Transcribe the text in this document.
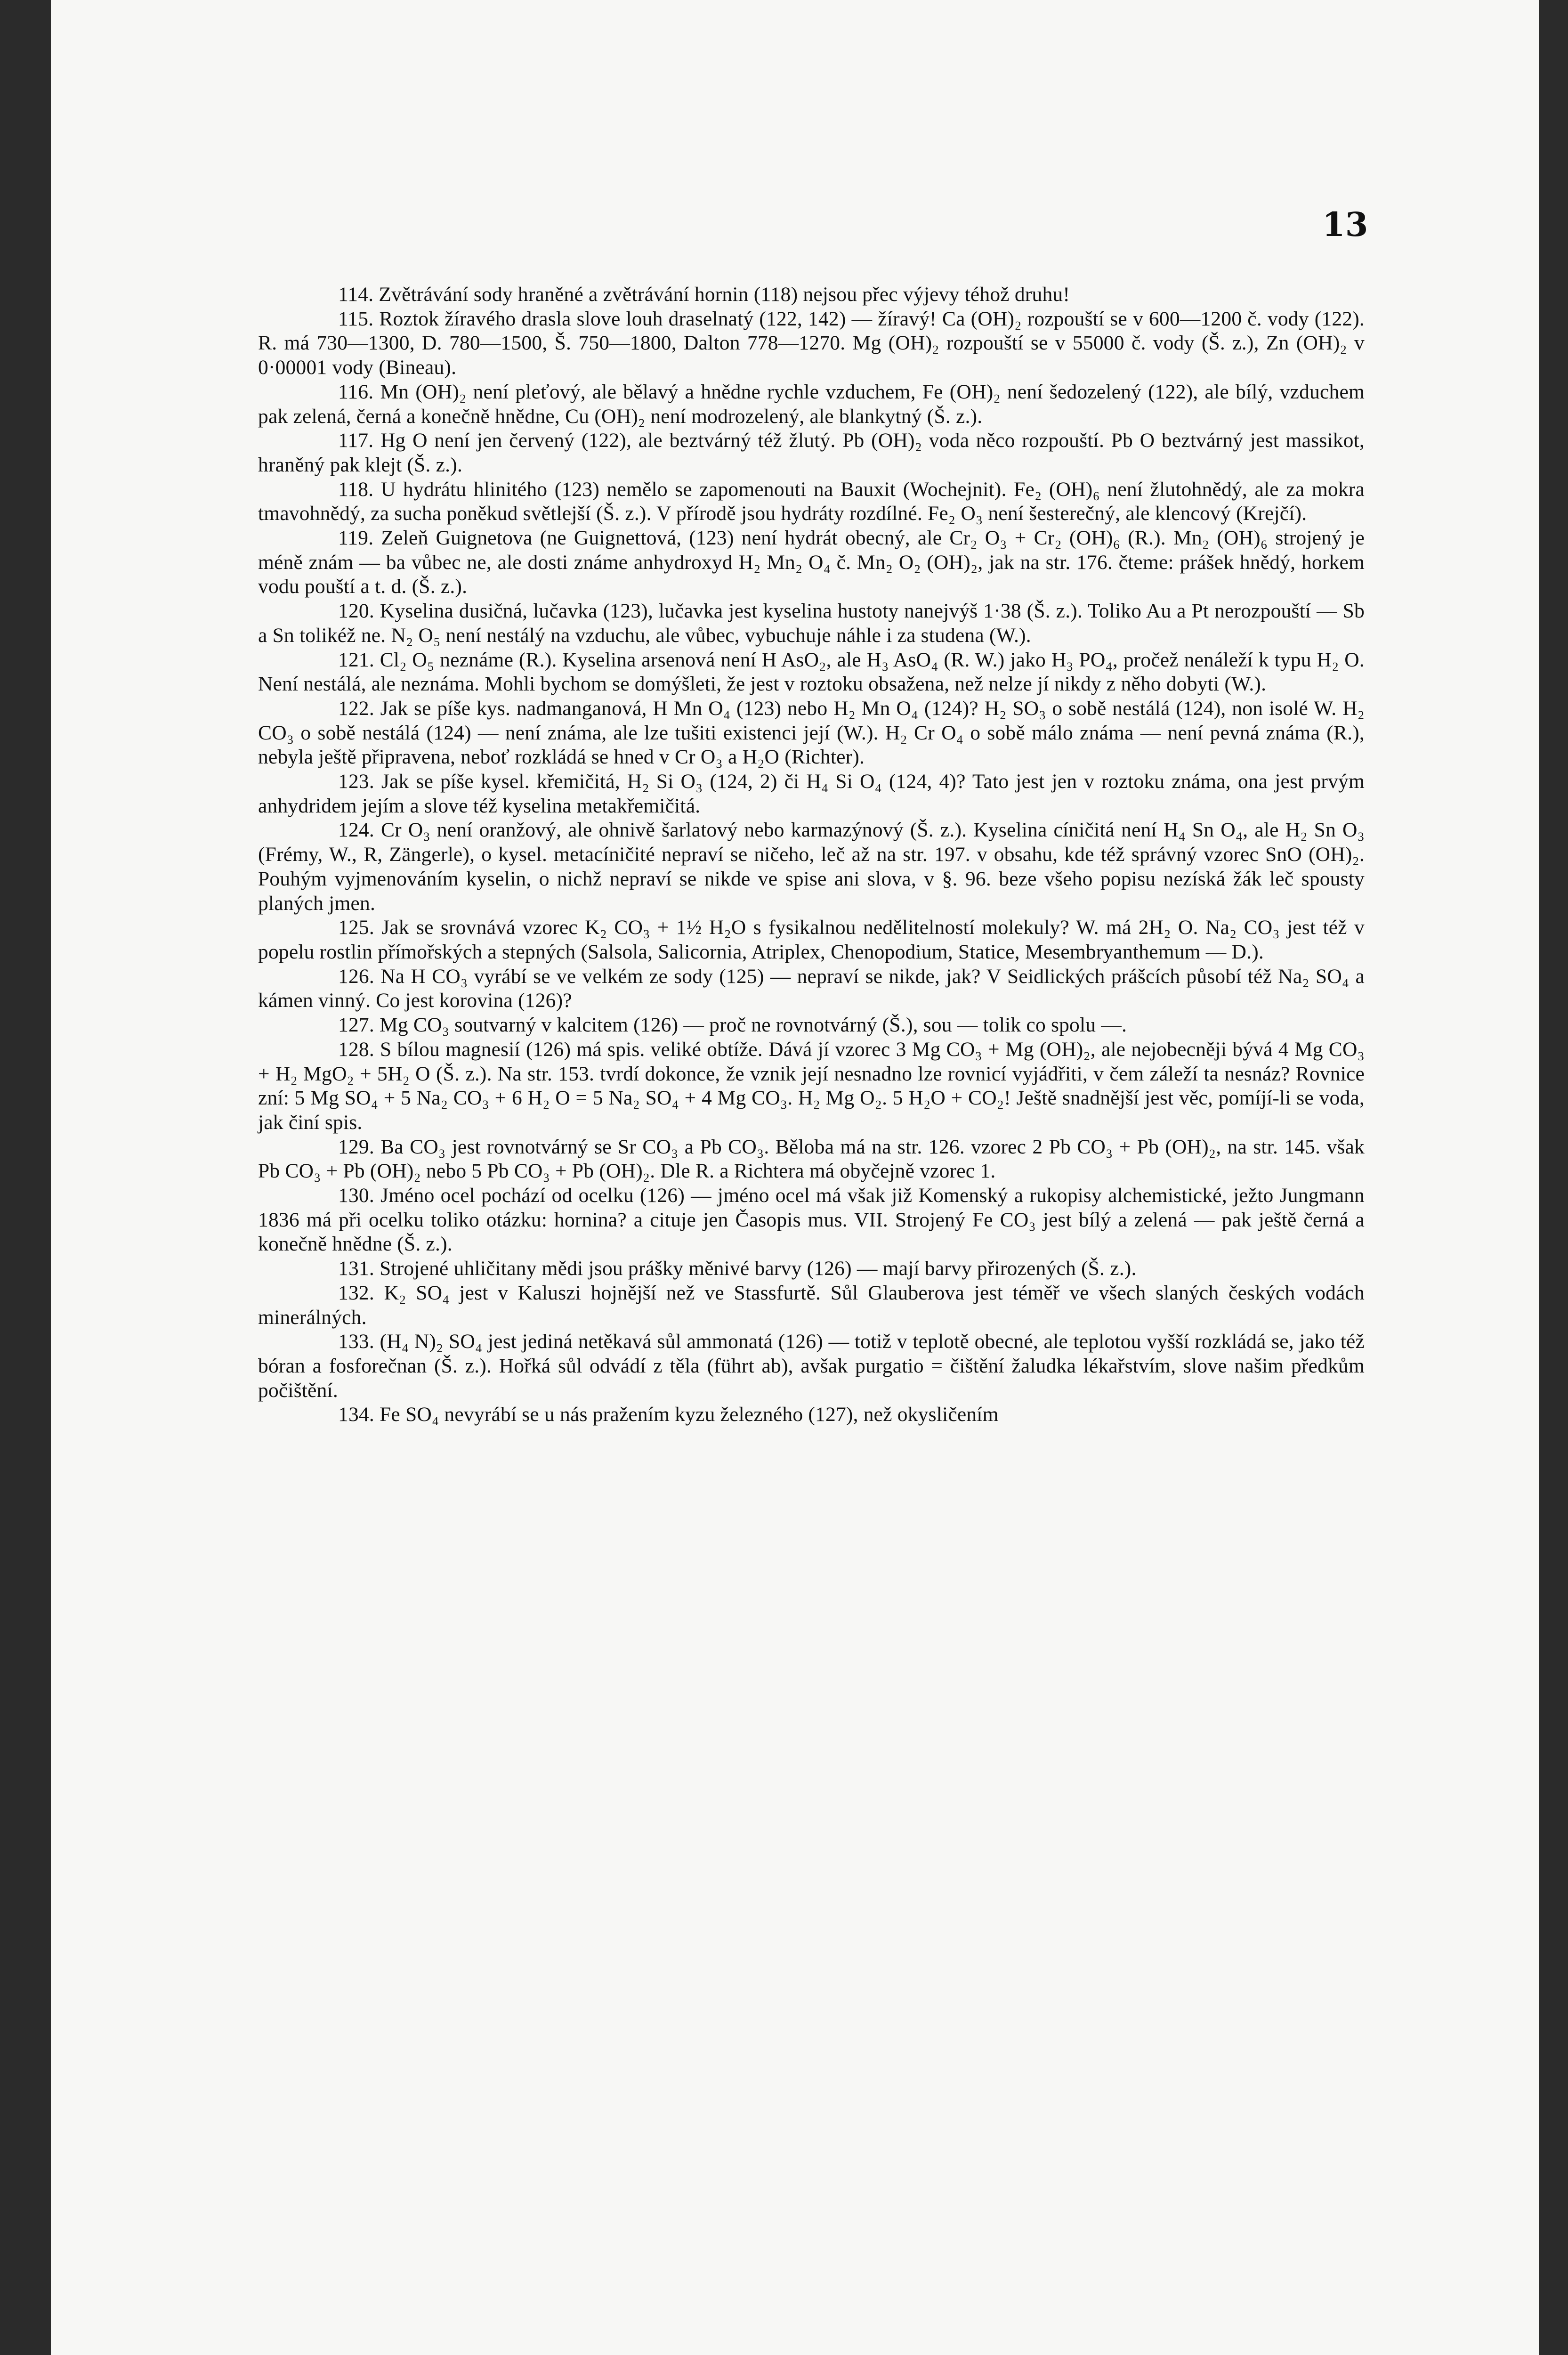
13

114. Zvětrávání sody hraněné a zvětrávání hornin (118) nejsou přec výjevy téhož druhu!

115. Roztok žíravého drasla slove louh draselnatý (122, 142) — žíravý! Ca (OH)₂ rozpouští se v 600—1200 č. vody (122). R. má 730—1300, D. 780—1500, Š. 750—1800, Dalton 778—1270. Mg (OH)₂ rozpouští se v 55000 č. vody (Š. z.), Zn (OH)₂ v 0·00001 vody (Bineau).

116. Mn (OH)₂ není pleťový, ale bělavý a hnědne rychle vzduchem, Fe (OH)₂ není šedozelený (122), ale bílý, vzduchem pak zelená, černá a konečně hnědne, Cu (OH)₂ není modrozelený, ale blankytný (Š. z.).

117. Hg O není jen červený (122), ale beztvárný též žlutý. Pb (OH)₂ voda něco rozpouští. Pb O beztvárný jest massikot, hraněný pak klejt (Š. z.).

118. U hydrátu hlinitého (123) nemělo se zapomenouti na Bauxit (Wochejnit). Fe₂ (OH)₆ není žlutohnědý, ale za mokra tmavohnědý, za sucha poněkud světlejší (Š. z.). V přírodě jsou hydráty rozdílné. Fe₂ O₃ není šesterečný, ale klencový (Krejčí).

119. Zeleň Guignetova (ne Guignettová, (123) není hydrát obecný, ale Cr₂ O₃ + Cr₂ (OH)₆ (R.). Mn₂ (OH)₆ strojený je méně znám — ba vůbec ne, ale dosti známe anhydroxyd H₂ Mn₂ O₄ č. Mn₂ O₂ (OH)₂, jak na str. 176. čteme: prášek hnědý, horkem vodu pouští a t. d. (Š. z.).

120. Kyselina dusičná, lučavka (123), lučavka jest kyselina hustoty nanejvýš 1·38 (Š. z.). Toliko Au a Pt nerozpouští — Sb a Sn tolikéž ne. N₂ O₅ není nestálý na vzduchu, ale vůbec, vybuchuje náhle i za studena (W.).

121. Cl₂ O₅ neznáme (R.). Kyselina arsenová není H AsO₂, ale H₃ AsO₄ (R. W.) jako H₃ PO₄, pročež nenáleží k typu H₂ O. Není nestálá, ale neznáma. Mohli bychom se domýšleti, že jest v roztoku obsažena, než nelze jí nikdy z něho dobyti (W.).

122. Jak se píše kys. nadmanganová, H Mn O₄ (123) nebo H₂ Mn O₄ (124)? H₂ SO₃ o sobě nestálá (124), non isolé W. H₂ CO₃ o sobě nestálá (124) — není známa, ale lze tušiti existenci její (W.). H₂ Cr O₄ o sobě málo známa — není pevná známa (R.), nebyla ještě připravena, neboť rozkládá se hned v Cr O₃ a H₂O (Richter).

123. Jak se píše kysel. křemičitá, H₂ Si O₃ (124, 2) či H₄ Si O₄ (124, 4)? Tato jest jen v roztoku známa, ona jest prvým anhydridem jejím a slove též kyselina metakřemičitá.

124. Cr O₃ není oranžový, ale ohnivě šarlatový nebo karmazýnový (Š. z.). Kyselina cíničitá není H₄ Sn O₄, ale H₂ Sn O₃ (Frémy, W., R, Zängerle), o kysel. metacíničité nepraví se ničeho, leč až na str. 197. v obsahu, kde též správný vzorec SnO (OH)₂. Pouhým vyjmenováním kyselin, o nichž nepraví se nikde ve spise ani slova, v §. 96. beze všeho popisu nezíská žák leč spousty planých jmen.

125. Jak se srovnává vzorec K₂ CO₃ + 1½ H₂O s fysikalnou nedělitelností molekuly? W. má 2H₂ O. Na₂ CO₃ jest též v popelu rostlin přímořských a stepných (Salsola, Salicornia, Atriplex, Chenopodium, Statice, Mesembryanthemum — D.).

126. Na H CO₃ vyrábí se ve velkém ze sody (125) — nepraví se nikde, jak? V Seidlických prášcích působí též Na₂ SO₄ a kámen vinný. Co jest korovina (126)?

127. Mg CO₃ soutvarný v kalcitem (126) — proč ne rovnotvárný (Š.), sou — tolik co spolu —.

128. S bílou magnesií (126) má spis. veliké obtíže. Dává jí vzorec 3 Mg CO₃ + Mg (OH)₂, ale nejobecněji bývá 4 Mg CO₃ + H₂ MgO₂ + 5H₂ O (Š. z.). Na str. 153. tvrdí dokonce, že vznik její nesnadno lze rovnicí vyjádřiti, v čem záleží ta nesnáz? Rovnice zní: 5 Mg SO₄ + 5 Na₂ CO₃ + 6 H₂ O = 5 Na₂ SO₄ + 4 Mg CO₃. H₂ Mg O₂. 5 H₂O + CO₂! Ještě snadnější jest věc, pomíjí-li se voda, jak činí spis.

129. Ba CO₃ jest rovnotvárný se Sr CO₃ a Pb CO₃. Běloba má na str. 126. vzorec 2 Pb CO₃ + Pb (OH)₂, na str. 145. však Pb CO₃ + Pb (OH)₂ nebo 5 Pb CO₃ + Pb (OH)₂. Dle R. a Richtera má obyčejně vzorec 1.

130. Jméno ocel pochází od ocelku (126) — jméno ocel má však již Komenský a rukopisy alchemistické, ježto Jungmann 1836 má při ocelku toliko otázku: hornina? a cituje jen Časopis mus. VII. Strojený Fe CO₃ jest bílý a zelená — pak ještě černá a konečně hnědne (Š. z.).

131. Strojené uhličitany mědi jsou prášky měnivé barvy (126) — mají barvy přirozených (Š. z.).

132. K₂ SO₄ jest v Kaluszi hojnější než ve Stassfurtě. Sůl Glauberova jest téměř ve všech slaných českých vodách minerálných.

133. (H₄ N)₂ SO₄ jest jediná netěkavá sůl ammonatá (126) — totiž v teplotě obecné, ale teplotou vyšší rozkládá se, jako též bóran a fosforečnan (Š. z.). Hořká sůl odvádí z těla (führt ab), avšak purgatio = čištění žaludka lékařstvím, slove našim předkům počištění.

134. Fe SO₄ nevyrábí se u nás pražením kyzu železného (127), než okysličením
